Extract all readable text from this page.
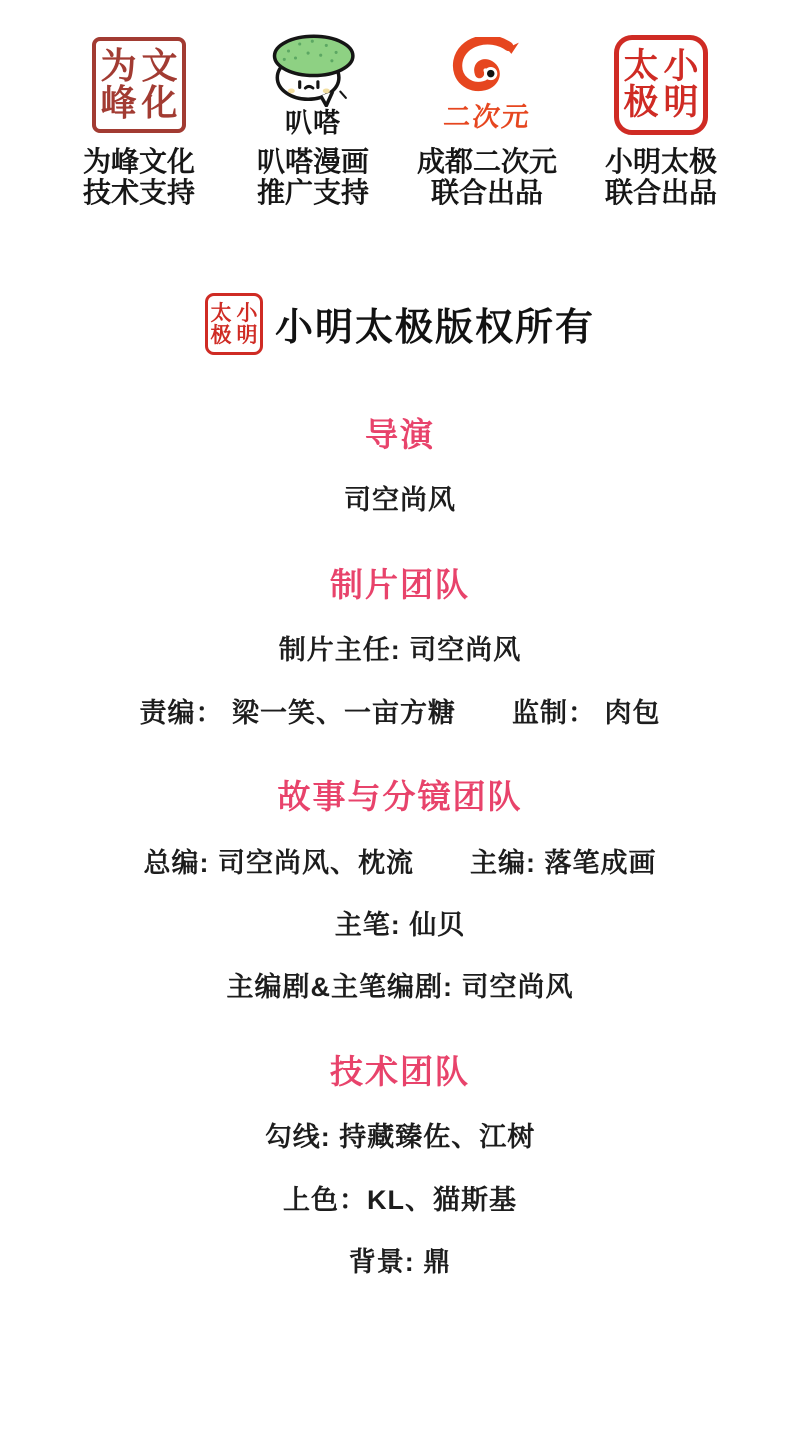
为
峰
文
化
为峰文化
技术支持
叭嗒
叭嗒漫画
推广支持
二次元
成都二次元
联合出品
太
极
小
明
小明太极
联合出品
太
极
小
明 小明太极版权所有
导演

司空尚风

制片团队

制片主任: 司空尚风

责编： 梁一笑、一亩方糖　　监制： 肉包

故事与分镜团队

总编: 司空尚风、枕流　　主编: 落笔成画

主笔: 仙贝

主编剧&主笔编剧: 司空尚风

技术团队

勾线: 持藏臻佐、江树

上色：KL、猫斯基

背景: 鼎
